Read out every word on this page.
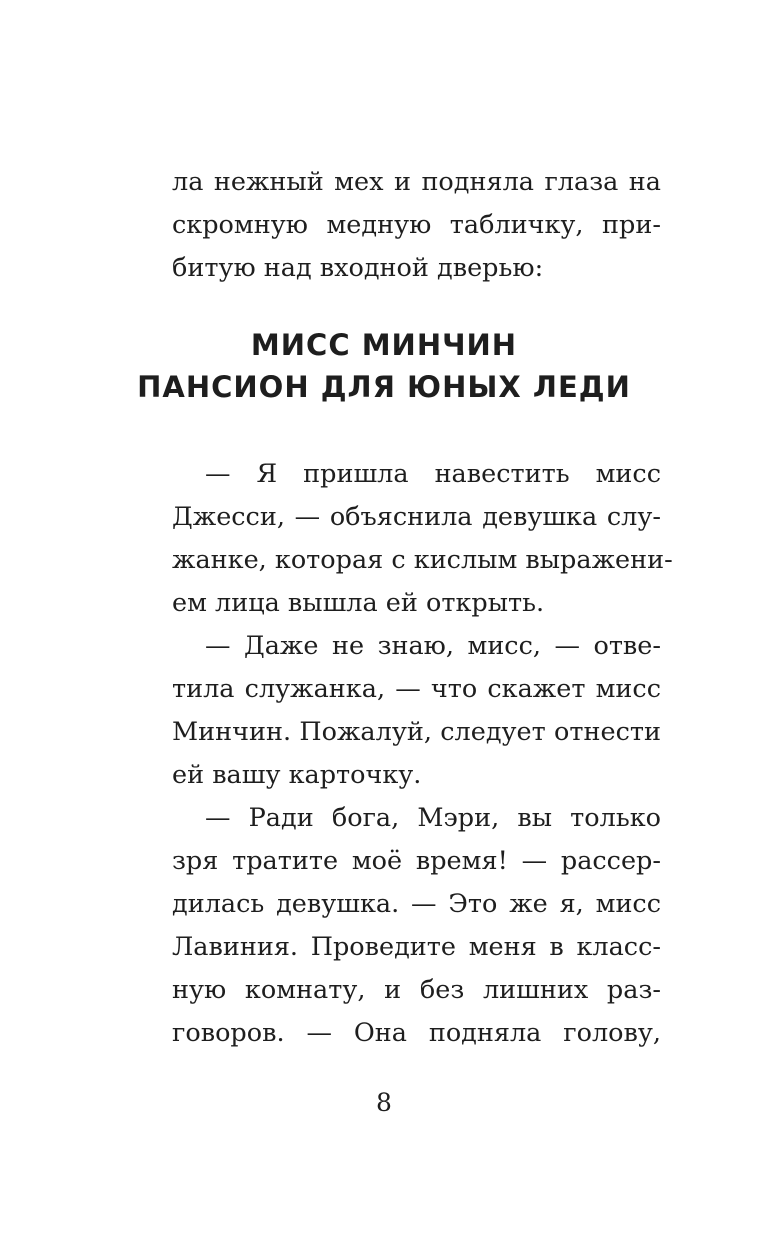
ла нежный мех и подняла глаза на
скромную медную табличку, при-
битую над входной дверью:
МИСС МИНЧИН
ПАНСИОН ДЛЯ ЮНЫХ ЛЕДИ
— Я пришла навестить мисс
Джесси, — объяснила девушка слу-
жанке, которая с кислым выражени-
ем лица вышла ей открыть.
— Даже не знаю, мисс, — отве-
тила служанка, — что скажет мисс
Минчин. Пожалуй, следует отнести
ей вашу карточку.
— Ради бога, Мэри, вы только
зря тратите моё время! — рассер-
дилась девушка. — Это же я, мисс
Лавиния. Проведите меня в класс-
ную комнату, и без лишних раз-
говоров. — Она подняла голову,
8
